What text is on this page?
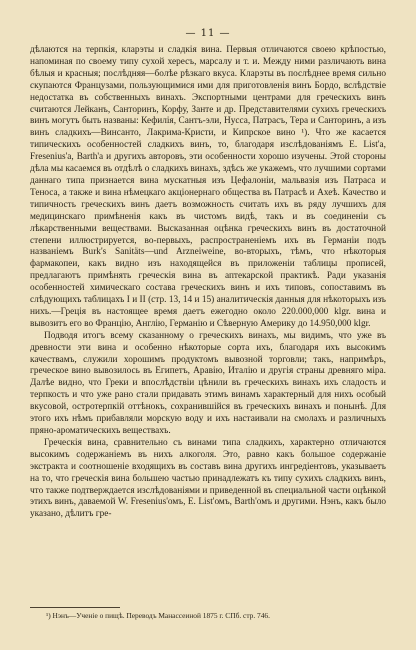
— 11 —

дѣлаются на терпкія, кларэты и сладкія вина. Первыя отличаются своею крѣпостью, напоминая по своему типу сухой хересъ, марсалу и т. и. Между ними различають вина бѣлыя и красныя; послѣдняя—болѣе рѣзкаго вкуса. Кларэты въ послѣднее время сильно скупаются Французами, пользующимися ими для приготовленія винъ Бордо, вслѣдствіе недостатка въ собственныхъ винахъ. Экспортными центрами для греческихъ винъ считаются Лейканъ, Санторинъ, Корфу, Занте и др. Представителями сухихъ греческихъ винъ могутъ быть названы: Кефилія, Сантъ-эли, Нусса, Патрасъ, Тера и Санторинъ, а изъ винъ сладкихъ—Винсанто, Лакрима-Кристи, и Кипрское вино ¹). Что же касается типическихъ особенностей сладкихъ винъ, то, благодаря изслѣдованіямъ E. List'а, Fresenius'а, Barth'а и другихъ авторовъ, эти особенности хорошо изучены. Этой стороны дѣла мы касаемся въ отдѣлѣ о сладкихъ винахъ, здѣсь же укажемъ, что лучшими сортами даннаго типа признается вина мускатныя изъ Цефалоніи, мальвазія изъ Патраса и Теноса, а также и вина нѣмецкаго акціонернаго общества въ Патрасѣ и Ахеѣ. Качество и типичность греческихъ винъ даетъ возможность считать ихъ въ ряду лучшихъ для медицинскаго примѣненія какъ въ чистомъ видѣ, такъ и въ соединеніи съ лѣкарственными веществами. Высказанная оцѣнка греческихъ винъ въ достаточной степени иллюстрируется, во-первыхъ, распространеніемъ ихъ въ Германіи подъ названіемъ Burk's Sanitäts—und Arzneiweine, во-вторыхъ, тѣмъ, что нѣкоторыя фармакопеи, какъ видно изъ находящейся въ приложеніи таблицы прописей, предлагаютъ примѣнять греческія вина въ аптекарской практикѣ. Ради указанія особенностей химическаго состава греческихъ винъ и ихъ типовъ, сопоставимъ въ слѣдующихъ таблицахъ I и II (стр. 13, 14 и 15) аналитическія данныя для нѣкоторыхъ изъ нихъ.—Греція въ настоящее время даетъ ежегодно около 220.000,000 klgr. вина и вывозитъ его во Францію, Англію, Германію и Сѣверную Америку до 14.950,000 klgr.

Подводя итогъ всему сказанному о греческихъ винахъ, мы видимъ, что уже въ древности эти вина и особенно нѣкоторые сорта ихъ, благодаря ихъ высокимъ качествамъ, служили хорошимъ продуктомъ вывозной торговли; такъ, напримѣръ, греческое вино вывозилось въ Египетъ, Аравію, Италію и другія страны древняго міра. Далѣе видно, что Греки и впослѣдствіи цѣнили въ греческихъ винахъ ихъ сладость и терпкость и что уже рано стали придавать этимъ винамъ характерный для нихъ особый вкусовой, остротерпкій оттѣнокъ, сохранившійся въ греческихъ винахъ и понынѣ. Для этого ихъ нѣмъ прибавляли морскую воду и ихъ настаивали на смолахъ и различныхъ пряно-ароматическихъ веществахъ.

Греческія вина, сравнительно съ винами типа сладкихъ, характерно отличаются высокимъ содержаніемъ въ нихъ алкоголя. Это, равно какъ большое содержаніе экстракта и соотношеніе входящихъ въ составъ вина другихъ ингредіентовъ, указываетъ на то, что греческія вина большею частью принадлежатъ къ типу сухихъ сладкихъ винъ, что также подтверждается изслѣдованіями и приведенной въ специальной части оцѣнкой этихъ винъ, даваемой W. Fresenius'омъ, E. List'омъ, Barth'омъ и другими. Нэнъ, какъ было указано, дѣлитъ гре-

¹) Нэнъ—Ученіе о пищѣ. Переводъ Манассеиной 1875 г. СПб. стр. 746.
